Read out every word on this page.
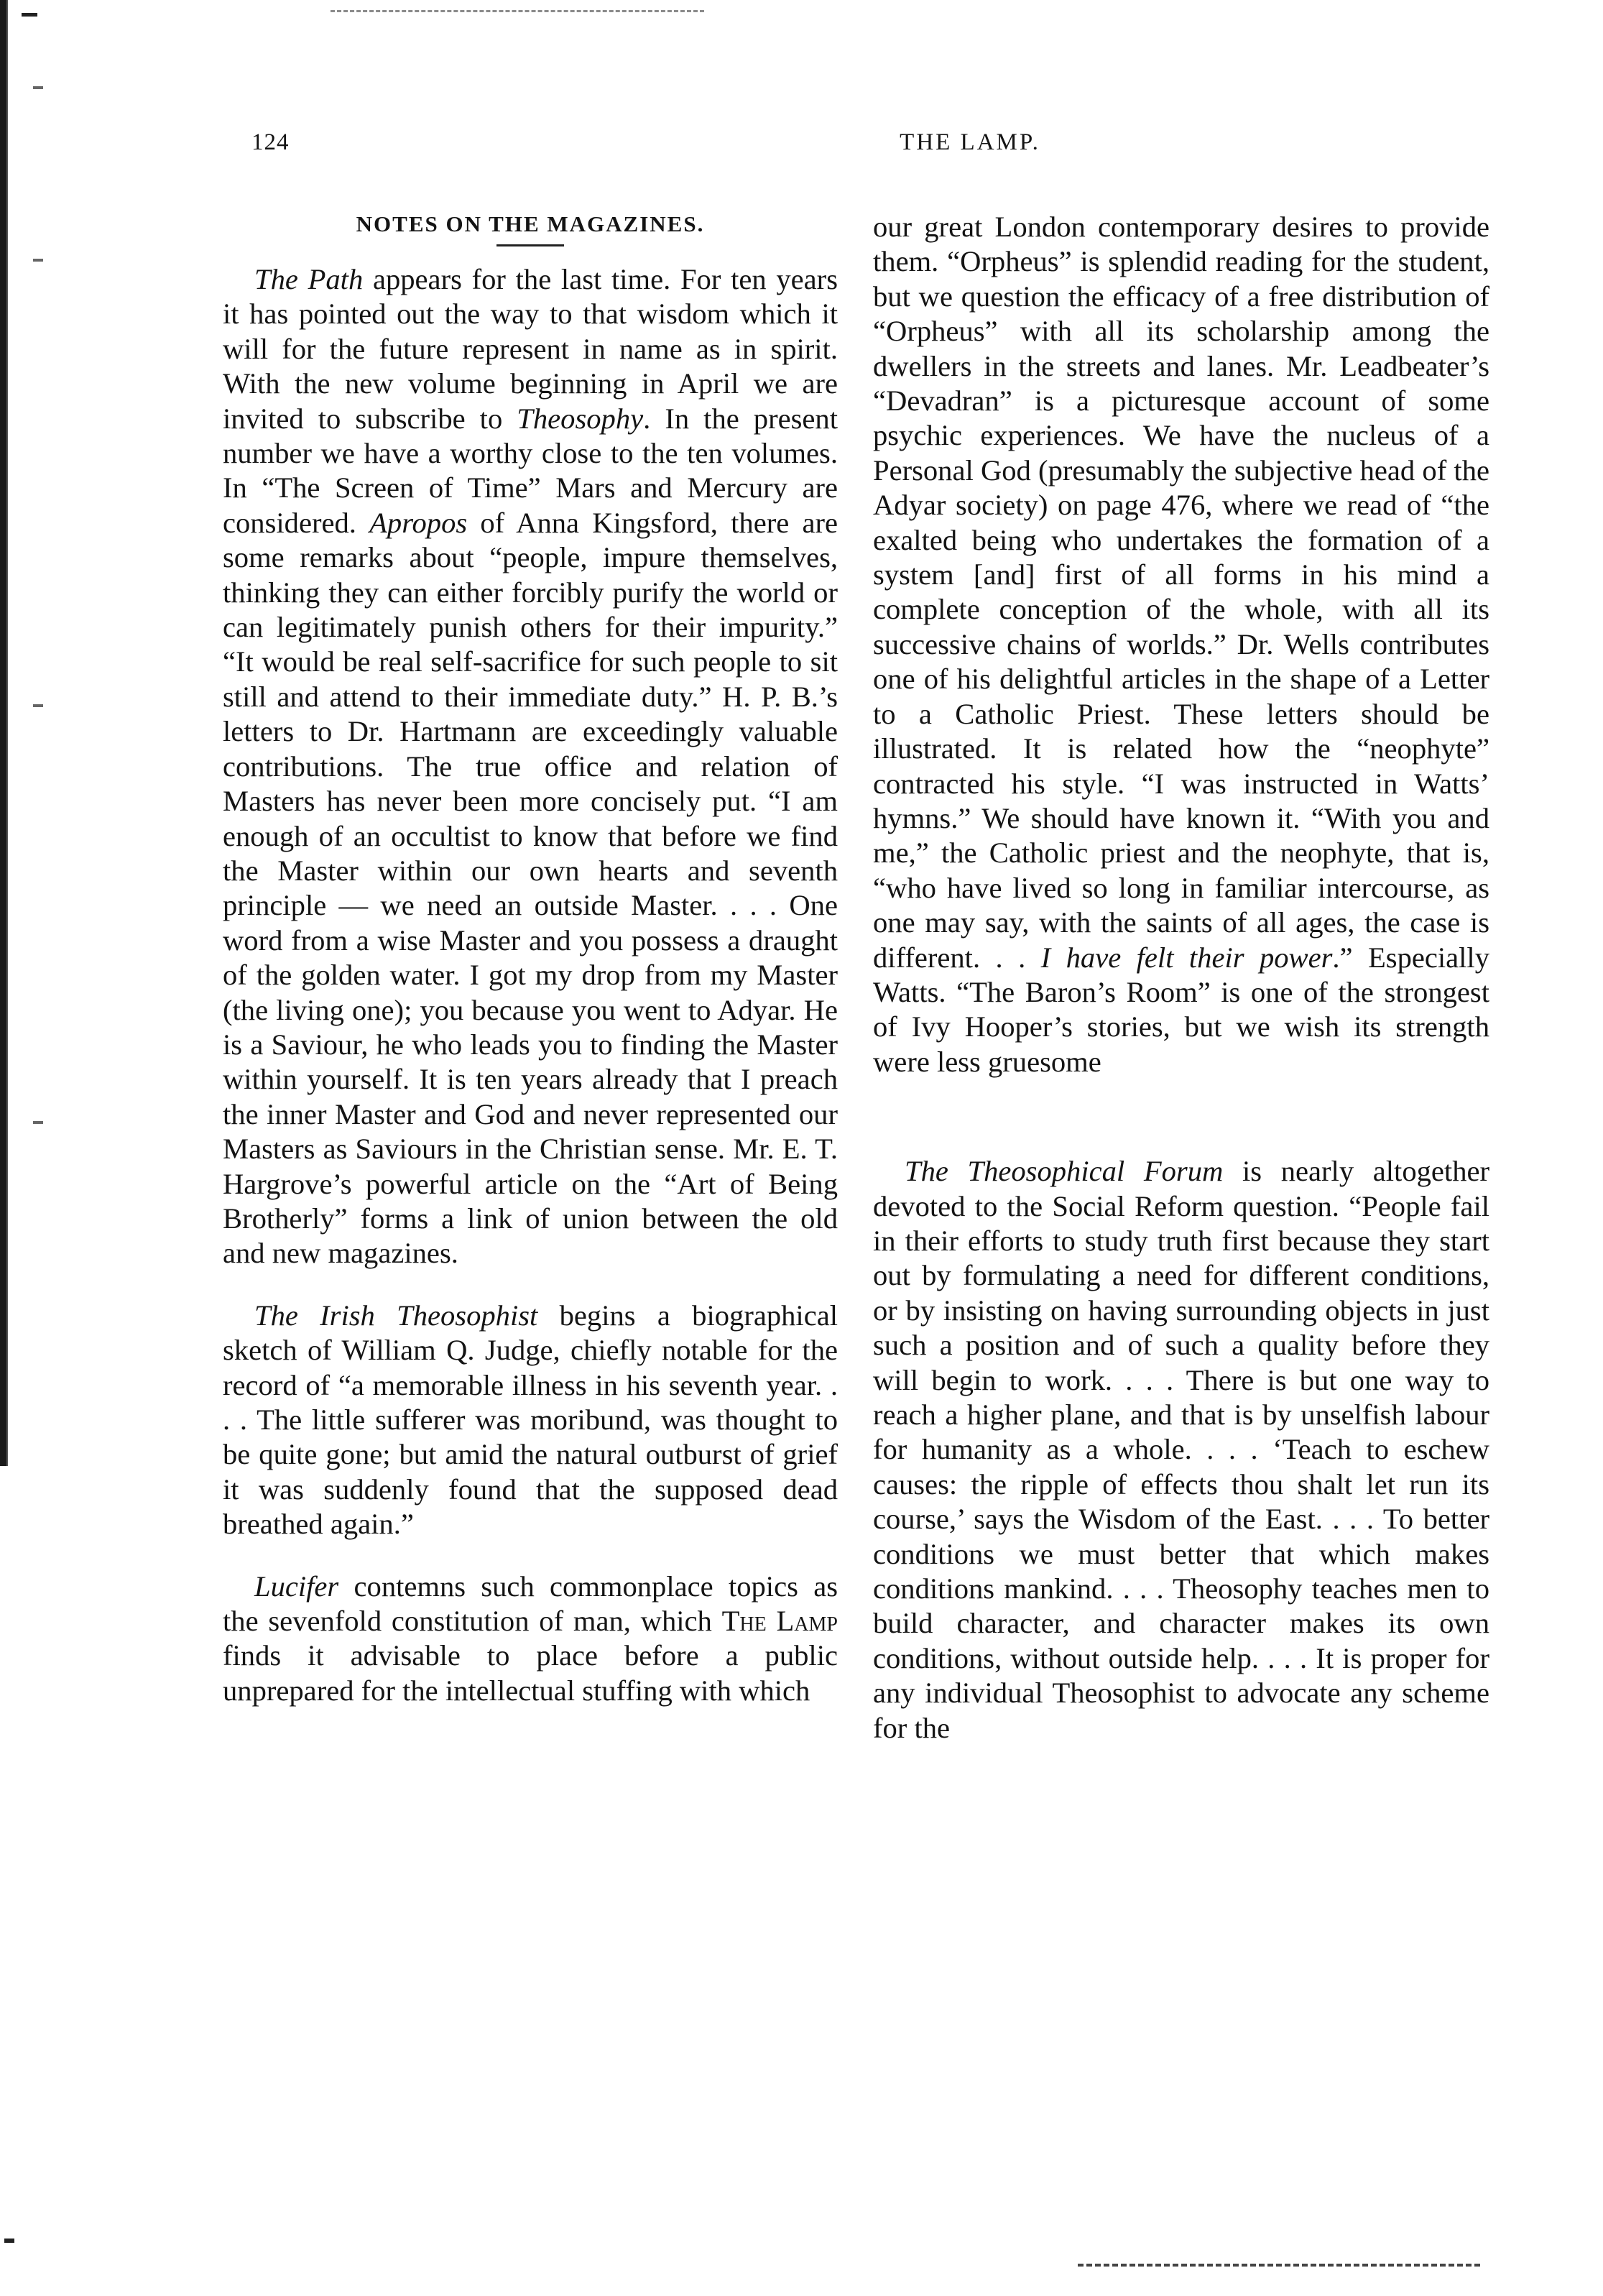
124	THE LAMP.
NOTES ON THE MAGAZINES.

The Path appears for the last time. For ten years it has pointed out the way to that wisdom which it will for the future represent in name as in spirit. With the new volume beginning in April we are invited to subscribe to Theosophy. In the present number we have a worthy close to the ten volumes. In “The Screen of Time” Mars and Mercury are considered. Apropos of Anna Kingsford, there are some remarks about “people, impure themselves, thinking they can either forcibly purify the world or can legitimately punish others for their impurity.” “It would be real self-sacrifice for such people to sit still and attend to their immediate duty.” H. P. B.’s letters to Dr. Hartmann are exceedingly valuable contributions. The true office and relation of Masters has never been more concisely put. “I am enough of an occultist to know that before we find the Master within our own hearts and seventh principle — we need an outside Master. . . . One word from a wise Master and you possess a draught of the golden water. I got my drop from my Master (the living one); you because you went to Adyar. He is a Saviour, he who leads you to finding the Master within yourself. It is ten years already that I preach the inner Master and God and never represented our Masters as Saviours in the Christian sense. Mr. E. T. Hargrove’s powerful article on the “Art of Being Brotherly” forms a link of union between the old and new magazines.

The Irish Theosophist begins a biographical sketch of William Q. Judge, chiefly notable for the record of “a memorable illness in his seventh year. . . . The little sufferer was moribund, was thought to be quite gone; but amid the natural outburst of grief it was suddenly found that the supposed dead breathed again.”

Lucifer contemns such commonplace topics as the sevenfold constitution of man, which The Lamp finds it advisable to place before a public unprepared for the intellectual stuffing with which

our great London contemporary desires to provide them. “Orpheus” is splendid reading for the student, but we question the efficacy of a free distribution of “Orpheus” with all its scholarship among the dwellers in the streets and lanes. Mr. Leadbeater’s “Devadran” is a picturesque account of some psychic experiences. We have the nucleus of a Personal God (presumably the subjective head of the Adyar society) on page 476, where we read of “the exalted being who undertakes the formation of a system [and] first of all forms in his mind a complete conception of the whole, with all its successive chains of worlds.” Dr. Wells contributes one of his delightful articles in the shape of a Letter to a Catholic Priest. These letters should be illustrated. It is related how the “neophyte” contracted his style. “I was instructed in Watts’ hymns.” We should have known it. “With you and me,” the Catholic priest and the neophyte, that is, “who have lived so long in familiar intercourse, as one may say, with the saints of all ages, the case is different. . . I have felt their power.” Especially Watts. “The Baron’s Room” is one of the strongest of Ivy Hooper’s stories, but we wish its strength were less gruesome

The Theosophical Forum is nearly altogether devoted to the Social Reform question. “People fail in their efforts to study truth first because they start out by formulating a need for different conditions, or by insisting on having surrounding objects in just such a position and of such a quality before they will begin to work. . . . There is but one way to reach a higher plane, and that is by unselfish labour for humanity as a whole. . . . ‘Teach to eschew causes: the ripple of effects thou shalt let run its course,’ says the Wisdom of the East. . . . To better conditions we must better that which makes conditions mankind. . . . Theosophy teaches men to build character, and character makes its own conditions, without outside help. . . . It is proper for any individual Theosophist to advocate any scheme for the
